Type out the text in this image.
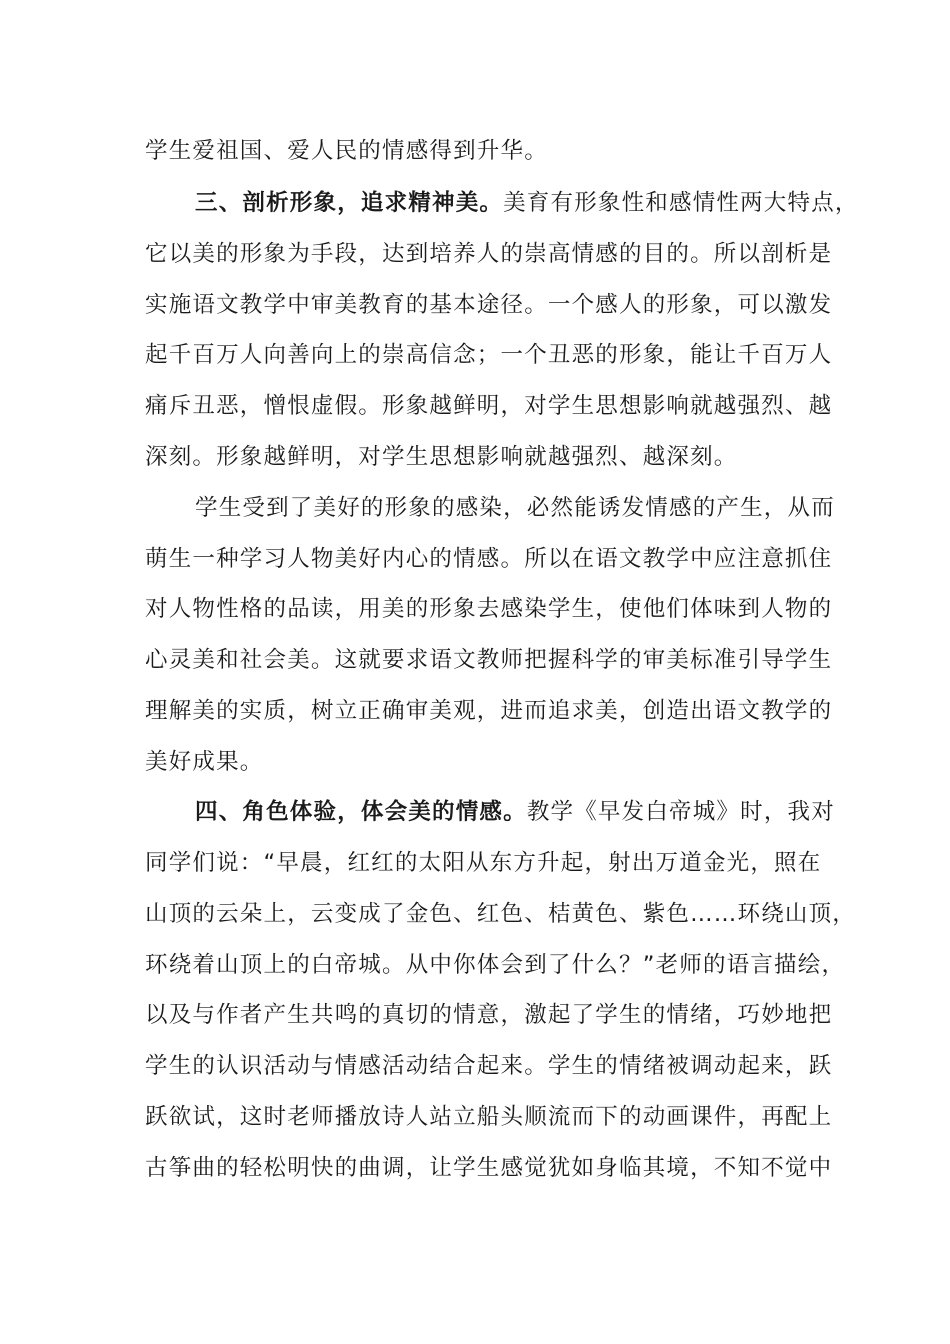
学生爱祖国、爱人民的情感得到升华。
三、剖析形象，追求精神美。美育有形象性和感情性两大特点，
它以美的形象为手段，达到培养人的崇高情感的目的。所以剖析是
实施语文教学中审美教育的基本途径。一个感人的形象，可以激发
起千百万人向善向上的崇高信念；一个丑恶的形象，能让千百万人
痛斥丑恶，憎恨虚假。形象越鲜明，对学生思想影响就越强烈、越
深刻。形象越鲜明，对学生思想影响就越强烈、越深刻。
学生受到了美好的形象的感染，必然能诱发情感的产生，从而
萌生一种学习人物美好内心的情感。所以在语文教学中应注意抓住
对人物性格的品读，用美的形象去感染学生，使他们体味到人物的
心灵美和社会美。这就要求语文教师把握科学的审美标准引导学生
理解美的实质，树立正确审美观，进而追求美，创造出语文教学的
美好成果。
四、角色体验，体会美的情感。教学《早发白帝城》时，我对
同学们说：“早晨，红红的太阳从东方升起，射出万道金光，照在
山顶的云朵上，云变成了金色、红色、桔黄色、紫色……环绕山顶，
环绕着山顶上的白帝城。从中你体会到了什么？”老师的语言描绘，
以及与作者产生共鸣的真切的情意，激起了学生的情绪，巧妙地把
学生的认识活动与情感活动结合起来。学生的情绪被调动起来，跃
跃欲试，这时老师播放诗人站立船头顺流而下的动画课件，再配上
古筝曲的轻松明快的曲调，让学生感觉犹如身临其境，不知不觉中
